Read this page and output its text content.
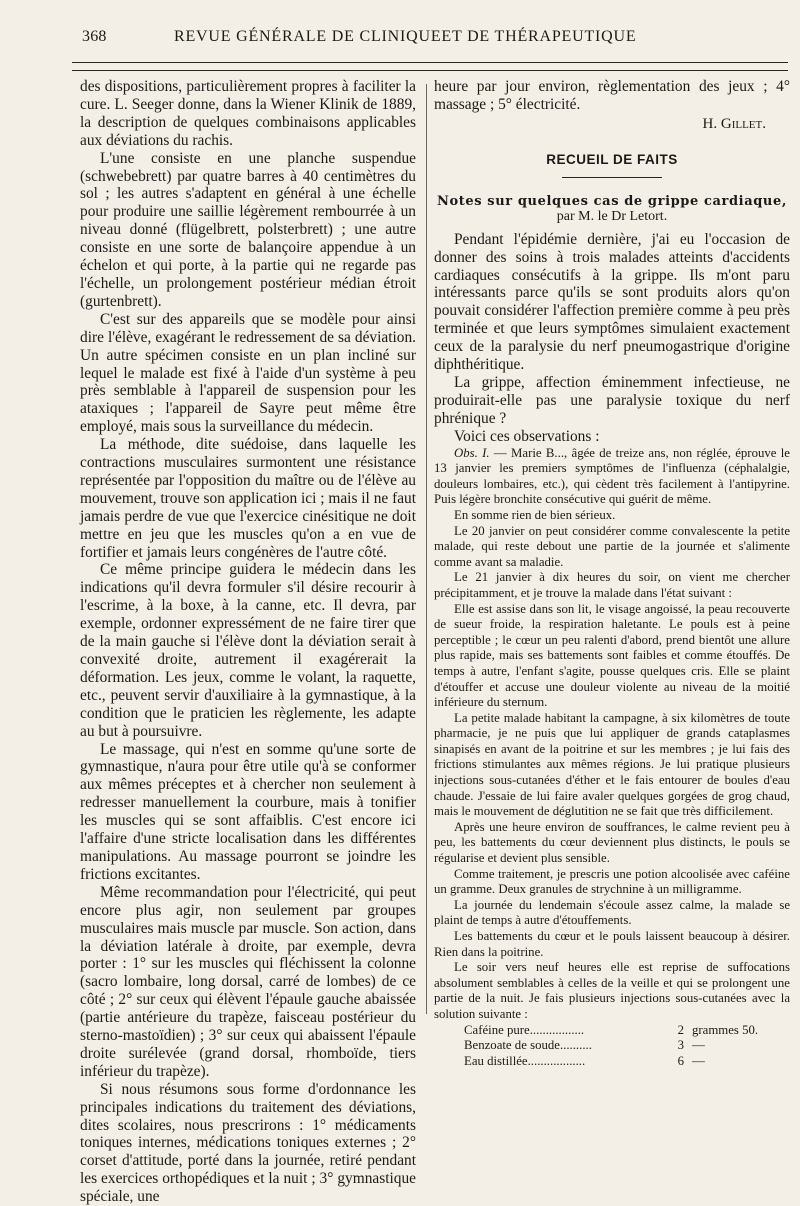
368	REVUE GÉNÉRALE DE CLINIQUEET DE THÉRAPEUTIQUE

des dispositions, particulièrement propres à faciliter la cure. L. Seeger donne, dans la Wiener Klinik de 1889, la description de quelques combinaisons applicables aux déviations du rachis.

L'une consiste en une planche suspendue (schwebebrett) par quatre barres à 40 centimètres du sol ; les autres s'adaptent en général à une échelle pour produire une saillie légèrement rembourrée à un niveau donné (flügelbrett, polsterbrett) ; une autre consiste en une sorte de balançoire appendue à un échelon et qui porte, à la partie qui ne regarde pas l'échelle, un prolongement postérieur médian étroit (gurtenbrett).

C'est sur des appareils que se modèle pour ainsi dire l'élève, exagérant le redressement de sa déviation. Un autre spécimen consiste en un plan incliné sur lequel le malade est fixé à l'aide d'un système à peu près semblable à l'appareil de suspension pour les ataxiques ; l'appareil de Sayre peut même être employé, mais sous la surveillance du médecin.

La méthode, dite suédoise, dans laquelle les contractions musculaires surmontent une résistance représentée par l'opposition du maître ou de l'élève au mouvement, trouve son application ici ; mais il ne faut jamais perdre de vue que l'exercice cinésitique ne doit mettre en jeu que les muscles qu'on a en vue de fortifier et jamais leurs congénères de l'autre côté.

Ce même principe guidera le médecin dans les indications qu'il devra formuler s'il désire recourir à l'escrime, à la boxe, à la canne, etc. Il devra, par exemple, ordonner expressément de ne faire tirer que de la main gauche si l'élève dont la déviation serait à convexité droite, autrement il exagérerait la déformation. Les jeux, comme le volant, la raquette, etc., peuvent servir d'auxiliaire à la gymnastique, à la condition que le praticien les règlemente, les adapte au but à poursuivre.

Le massage, qui n'est en somme qu'une sorte de gymnastique, n'aura pour être utile qu'à se conformer aux mêmes préceptes et à chercher non seulement à redresser manuellement la courbure, mais à tonifier les muscles qui se sont affaiblis. C'est encore ici l'affaire d'une stricte localisation dans les différentes manipulations. Au massage pourront se joindre les frictions excitantes.

Même recommandation pour l'électricité, qui peut encore plus agir, non seulement par groupes musculaires mais muscle par muscle. Son action, dans la déviation latérale à droite, par exemple, devra porter : 1° sur les muscles qui fléchissent la colonne (sacro lombaire, long dorsal, carré de lombes) de ce côté ; 2° sur ceux qui élèvent l'épaule gauche abaissée (partie antérieure du trapèze, faisceau postérieur du sterno-mastoïdien) ; 3° sur ceux qui abaissent l'épaule droite surélevée (grand dorsal, rhomboïde, tiers inférieur du trapèze).

Si nous résumons sous forme d'ordonnance les principales indications du traitement des déviations, dites scolaires, nous prescrirons : 1° médicaments toniques internes, médications toniques externes ; 2° corset d'attitude, porté dans la journée, retiré pendant les exercices orthopédiques et la nuit ; 3° gymnastique spéciale, une

heure par jour environ, règlementation des jeux ; 4° massage ; 5° électricité.

H. Gillet.

RECUEIL DE FAITS

Notes sur quelques cas de grippe cardiaque,

par M. le Dr Letort.

Pendant l'épidémie dernière, j'ai eu l'occasion de donner des soins à trois malades atteints d'accidents cardiaques consécutifs à la grippe. Ils m'ont paru intéressants parce qu'ils se sont produits alors qu'on pouvait considérer l'affection première comme à peu près terminée et que leurs symptômes simulaient exactement ceux de la paralysie du nerf pneumogastrique d'origine diphthéritique.

La grippe, affection éminemment infectieuse, ne produirait-elle pas une paralysie toxique du nerf phrénique ?

Voici ces observations :

Obs. I. — Marie B..., âgée de treize ans, non réglée, éprouve le 13 janvier les premiers symptômes de l'influenza (céphalalgie, douleurs lombaires, etc.), qui cèdent très facilement à l'antipyrine. Puis légère bronchite consécutive qui guérit de même.

En somme rien de bien sérieux.

Le 20 janvier on peut considérer comme convalescente la petite malade, qui reste debout une partie de la journée et s'alimente comme avant sa maladie.

Le 21 janvier à dix heures du soir, on vient me chercher précipitamment, et je trouve la malade dans l'état suivant :

Elle est assise dans son lit, le visage angoissé, la peau recouverte de sueur froide, la respiration haletante. Le pouls est à peine perceptible ; le cœur un peu ralenti d'abord, prend bientôt une allure plus rapide, mais ses battements sont faibles et comme étouffés. De temps à autre, l'enfant s'agite, pousse quelques cris. Elle se plaint d'étouffer et accuse une douleur violente au niveau de la moitié inférieure du sternum.

La petite malade habitant la campagne, à six kilomètres de toute pharmacie, je ne puis que lui appliquer de grands cataplasmes sinapisés en avant de la poitrine et sur les membres ; je lui fais des frictions stimulantes aux mêmes régions. Je lui pratique plusieurs injections sous-cutanées d'éther et le fais entourer de boules d'eau chaude. J'essaie de lui faire avaler quelques gorgées de grog chaud, mais le mouvement de déglutition ne se fait que très difficilement.

Après une heure environ de souffrances, le calme revient peu à peu, les battements du cœur deviennent plus distincts, le pouls se régularise et devient plus sensible.

Comme traitement, je prescris une potion alcoolisée avec caféine un gramme. Deux granules de strychnine à un milligramme.

La journée du lendemain s'écoule assez calme, la malade se plaint de temps à autre d'étouffements.

Les battements du cœur et le pouls laissent beaucoup à désirer. Rien dans la poitrine.

Le soir vers neuf heures elle est reprise de suffocations absolument semblables à celles de la veille et qui se prolongent une partie de la nuit. Je fais plusieurs injections sous-cutanées avec la solution suivante :

Caféine pure.................	2 grammes 50.
Benzoate de soude..........	3 —
Eau distillée..................	6 —
